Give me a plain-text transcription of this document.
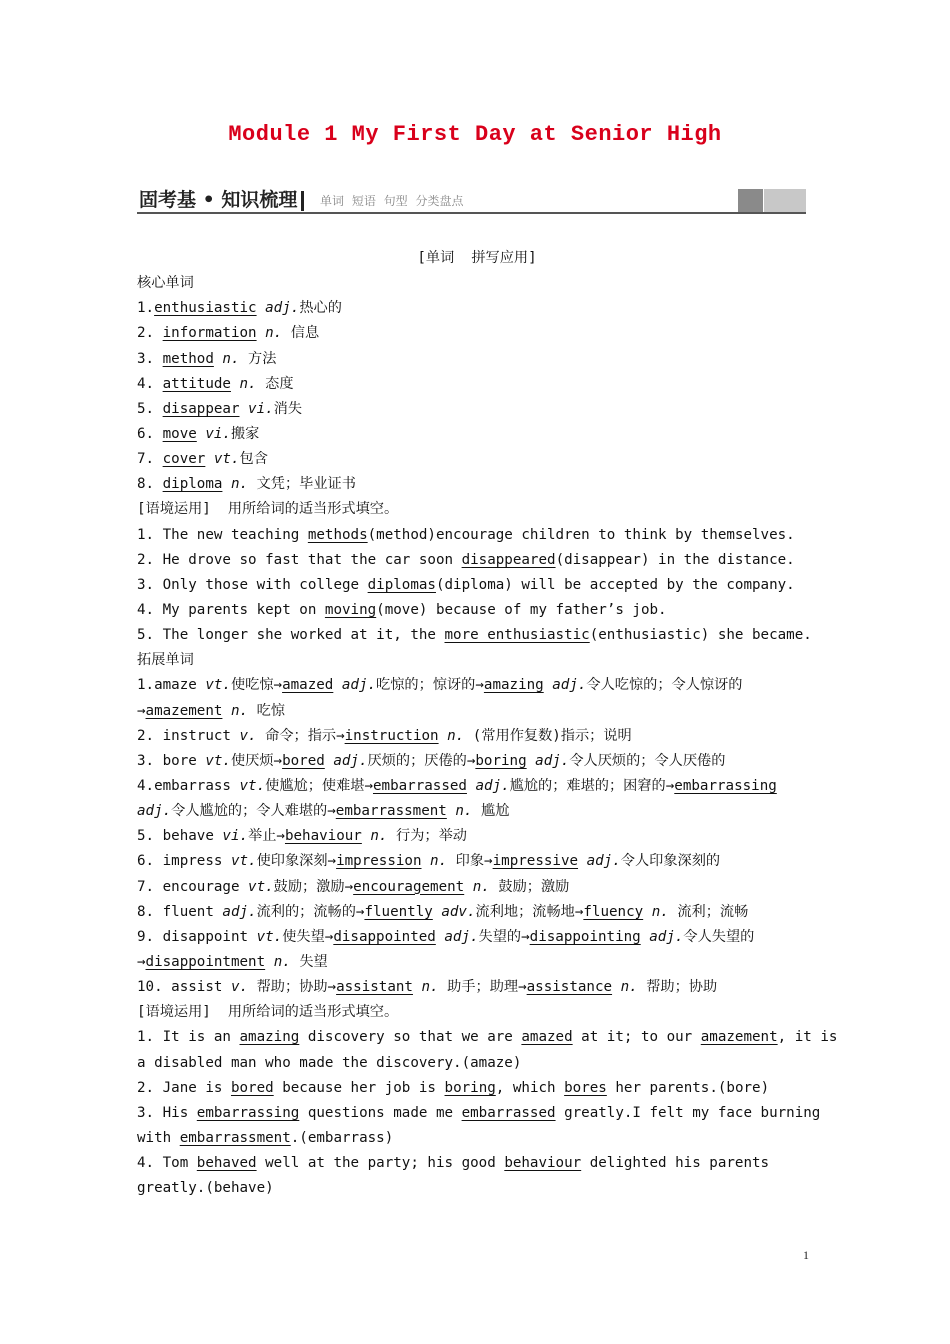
Module 1 My First Day at Senior High
固考基 • 知识梳理	单词 短语 句型 分类盘点
[单词  拼写应用]
核心单词
1.enthusiastic adj.热心的
2. information n. 信息
3. method n. 方法
4. attitude n. 态度
5. disappear vi.消失
6. move vi.搬家
7. cover vt.包含
8. diploma n. 文凭；毕业证书
[语境运用]  用所给词的适当形式填空。
1. The new teaching methods(method)encourage children to think by themselves.
2. He drove so fast that the car soon disappeared(disappear) in the distance.
3. Only those with college diplomas(diploma) will be accepted by the company.
4. My parents kept on moving(move) because of my father’s job.
5. The longer she worked at it, the more enthusiastic(enthusiastic) she became.
拓展单词
1.amaze vt.使吃惊→amazed adj.吃惊的；惊讶的→amazing adj.令人吃惊的；令人惊讶的
→amazement n. 吃惊
2. instruct v. 命令；指示→instruction n. (常用作复数)指示；说明
3. bore vt.使厌烦→bored adj.厌烦的；厌倦的→boring adj.令人厌烦的；令人厌倦的
4.embarrass vt.使尴尬；使难堪→embarrassed adj.尴尬的；难堪的；困窘的→embarrassing
adj.令人尴尬的；令人难堪的→embarrassment n. 尴尬
5. behave vi.举止→behaviour n. 行为；举动
6. impress vt.使印象深刻→impression n. 印象→impressive adj.令人印象深刻的
7. encourage vt.鼓励；激励→encouragement n. 鼓励；激励
8. fluent adj.流利的；流畅的→fluently adv.流利地；流畅地→fluency n. 流利；流畅
9. disappoint vt.使失望→disappointed adj.失望的→disappointing adj.令人失望的
→disappointment n. 失望
10. assist v. 帮助；协助→assistant n. 助手；助理→assistance n. 帮助；协助
[语境运用]  用所给词的适当形式填空。
1. It is an amazing discovery so that we are amazed at it; to our amazement, it is
a disabled man who made the discovery.(amaze)
2. Jane is bored because her job is boring, which bores her parents.(bore)
3. His embarrassing questions made me embarrassed greatly.I felt my face burning
with embarrassment.(embarrass)
4. Tom behaved well at the party; his good behaviour delighted his parents
greatly.(behave)
1
